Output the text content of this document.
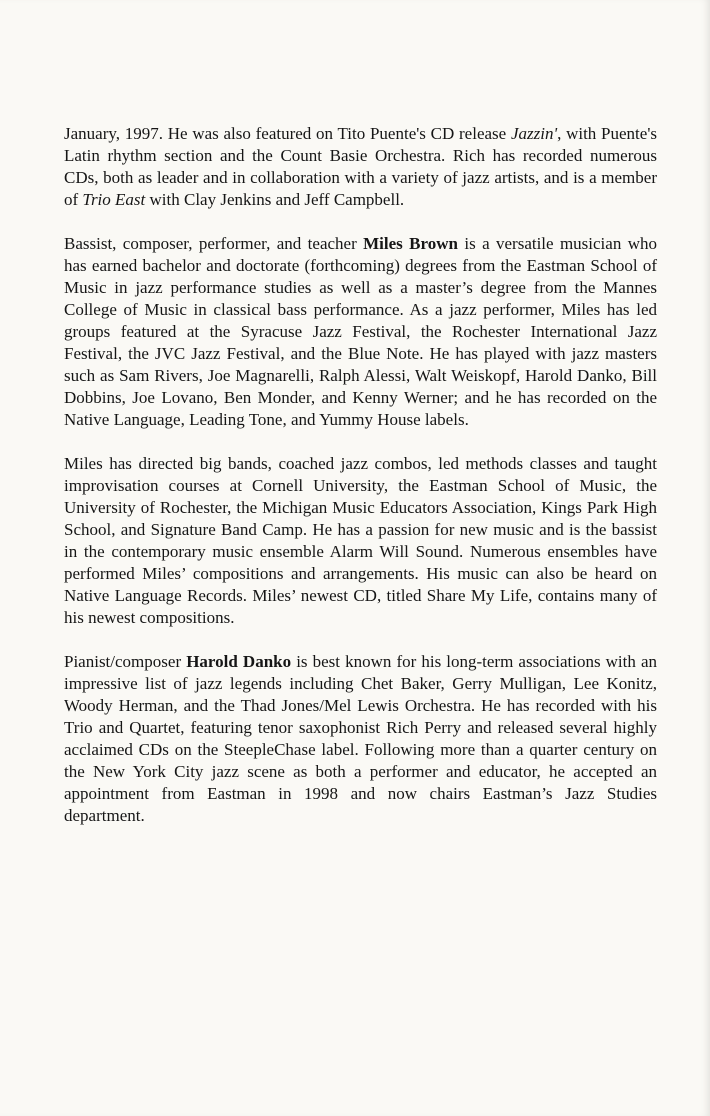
January, 1997. He was also featured on Tito Puente's CD release Jazzin', with Puente's Latin rhythm section and the Count Basie Orchestra. Rich has recorded numerous CDs, both as leader and in collaboration with a variety of jazz artists, and is a member of Trio East with Clay Jenkins and Jeff Campbell.

Bassist, composer, performer, and teacher Miles Brown is a versatile musician who has earned bachelor and doctorate (forthcoming) degrees from the Eastman School of Music in jazz performance studies as well as a master’s degree from the Mannes College of Music in classical bass performance. As a jazz performer, Miles has led groups featured at the Syracuse Jazz Festival, the Rochester International Jazz Festival, the JVC Jazz Festival, and the Blue Note. He has played with jazz masters such as Sam Rivers, Joe Magnarelli, Ralph Alessi, Walt Weiskopf, Harold Danko, Bill Dobbins, Joe Lovano, Ben Monder, and Kenny Werner; and he has recorded on the Native Language, Leading Tone, and Yummy House labels.

Miles has directed big bands, coached jazz combos, led methods classes and taught improvisation courses at Cornell University, the Eastman School of Music, the University of Rochester, the Michigan Music Educators Association, Kings Park High School, and Signature Band Camp. He has a passion for new music and is the bassist in the contemporary music ensemble Alarm Will Sound. Numerous ensembles have performed Miles’ compositions and arrangements. His music can also be heard on Native Language Records. Miles’ newest CD, titled Share My Life, contains many of his newest compositions.

Pianist/composer Harold Danko is best known for his long-term associations with an impressive list of jazz legends including Chet Baker, Gerry Mulligan, Lee Konitz, Woody Herman, and the Thad Jones/Mel Lewis Orchestra. He has recorded with his Trio and Quartet, featuring tenor saxophonist Rich Perry and released several highly acclaimed CDs on the SteepleChase label. Following more than a quarter century on the New York City jazz scene as both a performer and educator, he accepted an appointment from Eastman in 1998 and now chairs Eastman’s Jazz Studies department.
